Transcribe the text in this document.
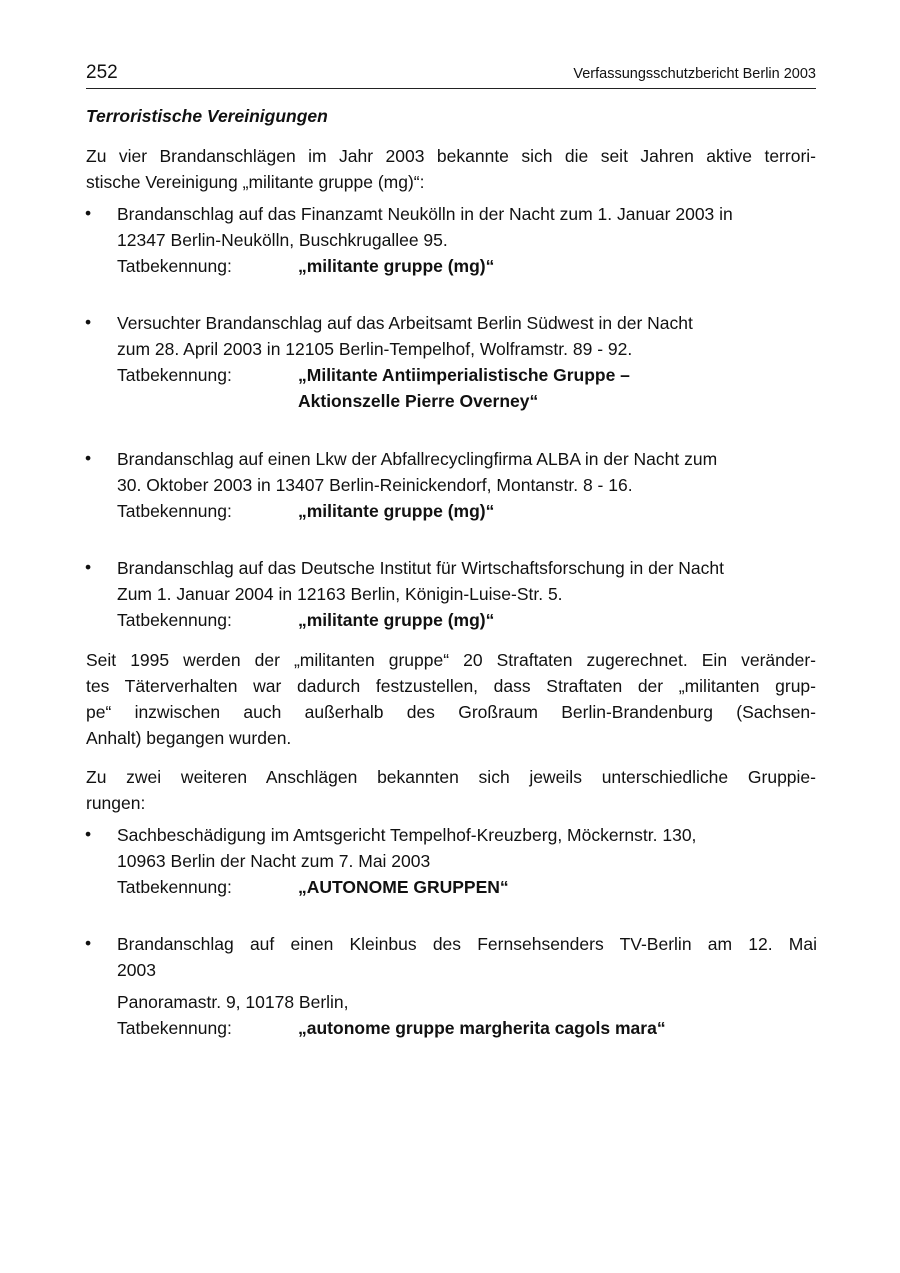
252	Verfassungsschutzbericht Berlin 2003
Terroristische Vereinigungen

Zu vier Brandanschlägen im Jahr 2003 bekannte sich die seit Jahren aktive terrori-
stische Vereinigung „militante gruppe (mg)“:

• Brandanschlag auf das Finanzamt Neukölln in der Nacht zum 1. Januar 2003 in
12347 Berlin-Neukölln, Buschkrugallee 95.
Tatbekennung:	„militante gruppe (mg)“
• Versuchter Brandanschlag auf das Arbeitsamt Berlin Südwest in der Nacht
zum 28. April 2003 in 12105 Berlin-Tempelhof, Wolframstr. 89 - 92.
Tatbekennung:	„Militante Antiimperialistische Gruppe –
Aktionszelle Pierre Overney“
• Brandanschlag auf einen Lkw der Abfallrecyclingfirma ALBA in der Nacht zum
30. Oktober 2003 in 13407 Berlin-Reinickendorf, Montanstr. 8 - 16.
Tatbekennung:	„militante gruppe (mg)“
• Brandanschlag auf das Deutsche Institut für Wirtschaftsforschung in der Nacht
Zum 1. Januar 2004 in 12163 Berlin, Königin-Luise-Str. 5.
Tatbekennung:	„militante gruppe (mg)“

Seit 1995 werden der „militanten gruppe“ 20 Straftaten zugerechnet. Ein veränder-
tes Täterverhalten war dadurch festzustellen, dass Straftaten der „militanten grup-
pe“ inzwischen auch außerhalb des Großraum Berlin-Brandenburg (Sachsen-
Anhalt) begangen wurden.

Zu zwei weiteren Anschlägen bekannten sich jeweils unterschiedliche Gruppie-
rungen:

• Sachbeschädigung im Amtsgericht Tempelhof-Kreuzberg, Möckernstr. 130,
10963 Berlin der Nacht zum 7. Mai 2003
Tatbekennung:	„AUTONOME GRUPPEN“
• Brandanschlag auf einen Kleinbus des Fernsehsenders TV-Berlin am 12. Mai
2003
Panoramastr. 9, 10178 Berlin,
Tatbekennung:	„autonome gruppe margherita cagols mara“
